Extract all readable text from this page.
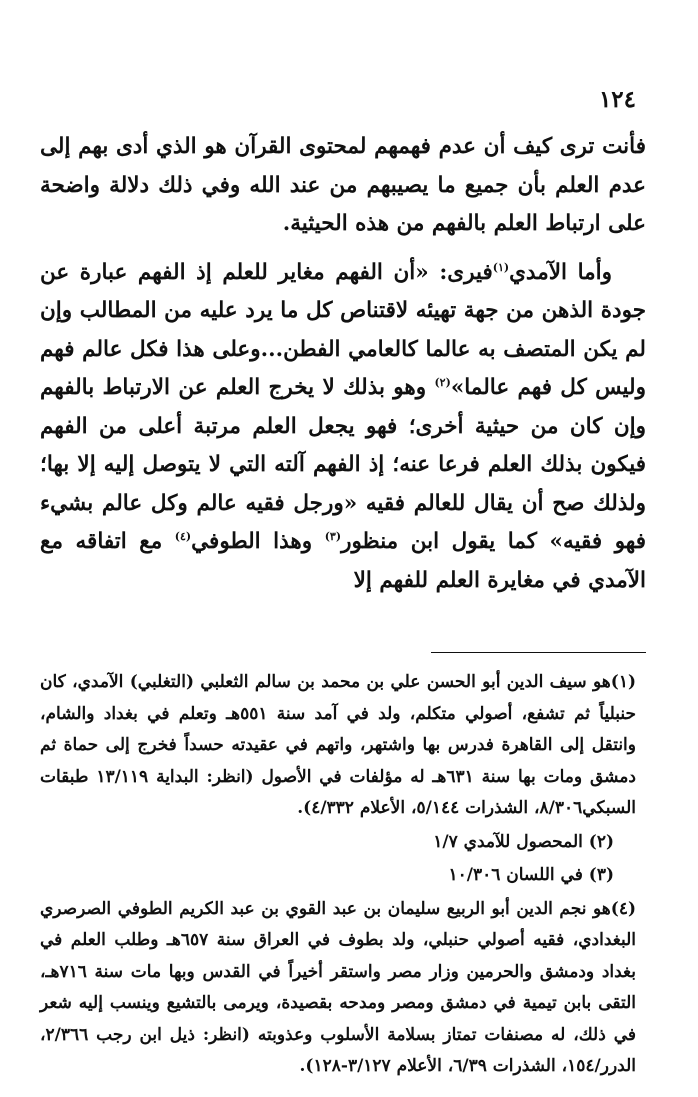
١٢٤

فأنت ترى كيف أن عدم فهمهم لمحتوى القرآن هو الذي أدى بهم إلى عدم العلم بأن جميع ما يصيبهم من عند الله وفي ذلك دلالة واضحة على ارتباط العلم بالفهم من هذه الحيثية.

وأما الآمدي$^{(١)}$فيرى: «أن الفهم مغاير للعلم إذ الفهم عبارة عن جودة الذهن من جهة تهيئه لاقتناص كل ما يرد عليه من المطالب وإن لم يكن المتصف به عالما كالعامي الفطن...وعلى هذا فكل عالم فهم وليس كل فهم عالما»$^{(٢)}$ وهو بذلك لا يخرج العلم عن الارتباط بالفهم وإن كان من حيثية أخرى؛ فهو يجعل العلم مرتبة أعلى من الفهم فيكون بذلك العلم فرعا عنه؛ إذ الفهم آلته التي لا يتوصل إليه إلا بها؛ ولذلك صح أن يقال للعالم فقيه «ورجل فقيه عالم وكل عالم بشيء فهو فقيه» كما يقول ابن منظور$^{(٣)}$ وهذا الطوفي$^{(٤)}$ مع اتفاقه مع الآمدي في مغايرة العلم للفهم إلا

(١)هو سيف الدين أبو الحسن علي بن محمد بن سالم الثعلبي (التغلبي) الآمدي، كان حنبلياً ثم تشفع، أصولي متكلم، ولد في آمد سنة ٥٥١هـ وتعلم في بغداد والشام، وانتقل إلى القاهرة فدرس بها واشتهر، واتهم في عقيدته حسداً فخرج إلى حماة ثم دمشق ومات بها سنة ٦٣١هـ له مؤلفات في الأصول (انظر: البداية ١٣/١١٩ طبقات السبكي٨/٣٠٦، الشذرات ٥/١٤٤، الأعلام ٤/٣٣٢).

(٢) المحصول للآمدي ١/٧

(٣) في اللسان ١٠/٣٠٦

(٤)هو نجم الدين أبو الربيع سليمان بن عبد القوي بن عبد الكريم الطوفي الصرصري البغدادي، فقيه أصولي حنبلي، ولد بطوف في العراق سنة ٦٥٧هـ وطلب العلم في بغداد ودمشق والحرمين وزار مصر واستقر أخيراً في القدس وبها مات سنة ٧١٦هـ، التقى بابن تيمية في دمشق ومصر ومدحه بقصيدة، ويرمى بالتشيع وينسب إليه شعر في ذلك، له مصنفات تمتاز بسلامة الأسلوب وعذوبته (انظر: ذيل ابن رجب ٢/٣٦٦، الدرر/١٥٤، الشذرات ٦/٣٩، الأعلام ٣/١٢٧-١٢٨).
